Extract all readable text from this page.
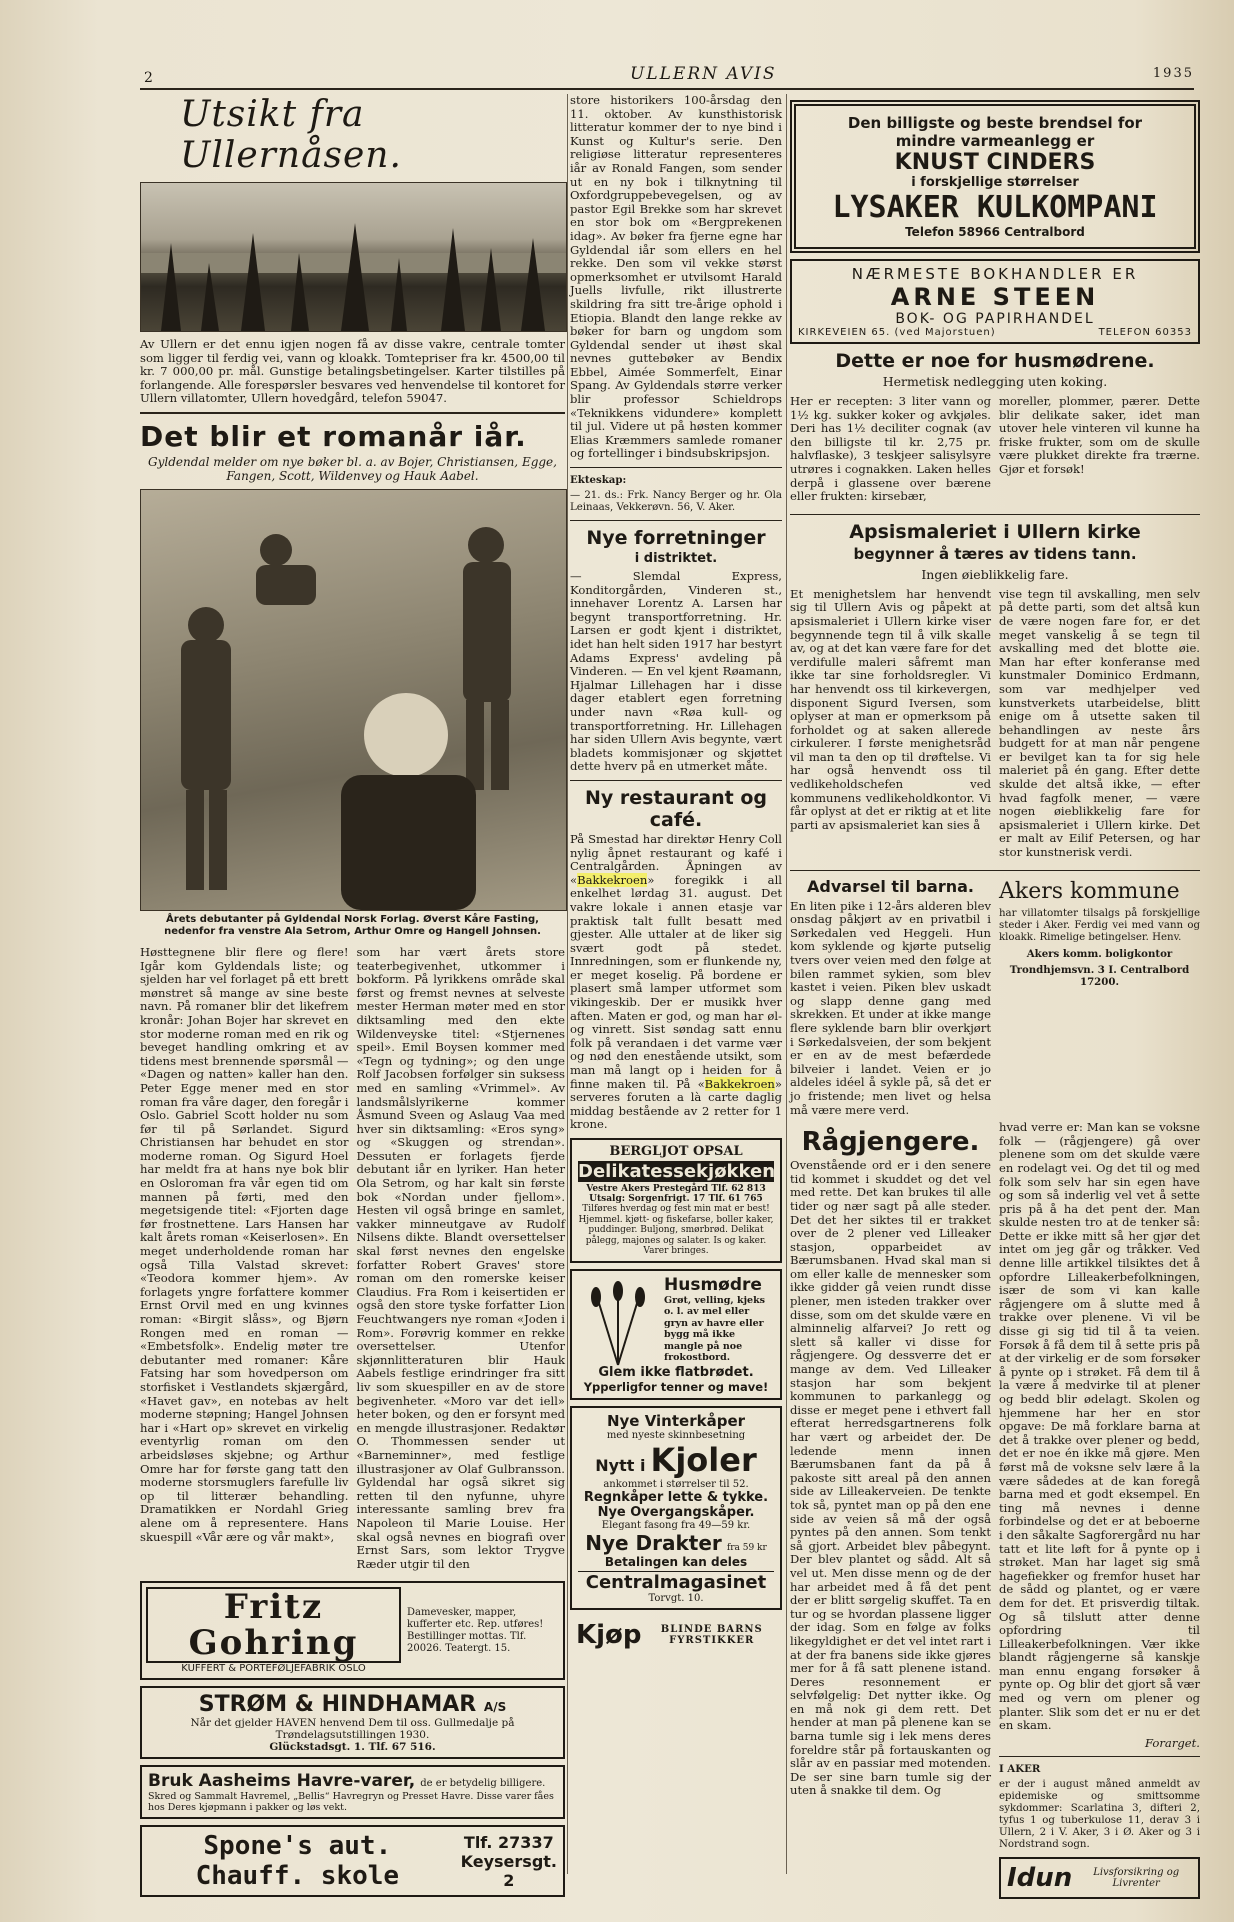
2	ULLERN AVIS	1935
Utsikt fra Ullernåsen.

Av Ullern er det ennu igjen nogen få av disse vakre, centrale tomter som ligger til ferdig vei, vann og kloakk. Tomtepriser fra kr. 4500,00 til kr. 7 000,00 pr. mål. Gunstige betalingsbetingelser. Karter tilstilles på forlangende. Alle forespørsler besvares ved henvendelse til kontoret for Ullern villatomter, Ullern hovedgård, telefon 59047.

Det blir et romanår iår.

Gyldendal melder om nye bøker bl. a. av Bojer, Christiansen, Egge, Fangen, Scott, Wildenvey og Hauk Aabel.

Årets debutanter på Gyldendal Norsk Forlag. Øverst Kåre Fasting, nedenfor fra venstre Ala Setrom, Arthur Omre og Hangell Johnsen.

Høsttegnene blir flere og flere! Igår kom Gyldendals liste; og sjelden har vel forlaget på ett brett mønstret så mange av sine beste navn. På romaner blir det likefrem kronår: Johan Bojer har skrevet en stor moderne roman med en rik og beveget handling omkring et av tidens mest brennende spørsmål — «Dagen og natten» kaller han den. Peter Egge mener med en stor roman fra våre dager, den foregår i Oslo. Gabriel Scott holder nu som før til på Sørlandet. Sigurd Christiansen har behudet en stor moderne roman. Og Sigurd Hoel har meldt fra at hans nye bok blir en Osloroman fra vår egen tid om mannen på førti, med den megetsigende titel: «Fjorten dage før frostnettene. Lars Hansen har kalt årets roman «Keiserlosen». En meget underholdende roman har også Tilla Valstad skrevet: «Teodora kommer hjem». Av forlagets yngre forfattere kommer Ernst Orvil med en ung kvinnes roman: «Birgit slåss», og Bjørn Rongen med en roman — «Embetsfolk». Endelig møter tre debutanter med romaner: Kåre Fatsing har som hovedperson om storfisket i Vestlandets skjærgård, «Havet gav», en notebas av helt moderne støpning; Hangel Johnsen har i «Hart op» skrevet en virkelig eventyrlig roman om den arbeidsløses skjebne; og Arthur Omre har for første gang tatt den moderne storsmuglers farefulle liv op til litterær behandling. Dramatikken er Nordahl Grieg alene om å representere. Hans skuespill «Vår ære og vår makt»,

som har vært årets store teaterbegivenhet, utkommer i bokform. På lyrikkens område skal først og fremst nevnes at selveste mester Herman møter med en stor diktsamling med den ekte Wildenveyske titel: «Stjernenes speil». Emil Boysen kommer med «Tegn og tydning»; og den unge Rolf Jacobsen forfølger sin suksess med en samling «Vrimmel». Av landsmålslyrikerne kommer Åsmund Sveen og Aslaug Vaa med hver sin diktsamling: «Eros syng» og «Skuggen og strendan». Dessuten er forlagets fjerde debutant iår en lyriker. Han heter Ola Setrom, og har kalt sin første bok «Nordan under fjellom». Hesten vil også bringe en samlet, vakker minneutgave av Rudolf Nilsens dikte. Blandt oversettelser skal først nevnes den engelske forfatter Robert Graves' store roman om den romerske keiser Claudius. Fra Rom i keisertiden er også den store tyske forfatter Lion Feuchtwangers nye roman «Joden i Rom». Forøvrig kommer en rekke oversettelser. Utenfor skjønnlitteraturen blir Hauk Aabels festlige erindringer fra sitt liv som skuespiller en av de store begivenheter. «Moro var det iell» heter boken, og den er forsynt med en mengde illustrasjoner. Redaktør O. Thommessen sender ut «Barneminner», med festlige illustrasjoner av Olaf Gulbransson. Gyldendal har også sikret sig retten til den nyfunne, uhyre interessante samling brev fra Napoleon til Marie Louise. Her skal også nevnes en biografi over Ernst Sars, som lektor Trygve Ræder utgir til den

Fritz Gohring
KUFFERT & PORTEFØLJEFABRIK OSLO
Damevesker, mapper, kufferter etc. Rep. utføres! Bestillinger mottas. Tlf. 20026. Teatergt. 15.
STRØM & HINDHAMAR A/S
Når det gjelder HAVEN henvend Dem til oss. Gullmedalje på Trøndelagsutstillingen 1930.
Glückstadsgt. 1. Tlf. 67 516.
Bruk Aasheims Havre-varer, de er betydelig billigere.
Skred og Sammalt Havremel, „Bellis“ Havregryn og Presset Havre. Disse varer fåes hos Deres kjøpmann i pakker og løs vekt.
Spone's aut. Chauff. skole
Tlf. 27337
Keysersgt. 2

store historikers 100-årsdag den 11. oktober. Av kunsthistorisk litteratur kommer der to nye bind i Kunst og Kultur's serie. Den religiøse litteratur representeres iår av Ronald Fangen, som sender ut en ny bok i tilknytning til Oxfordgruppebevegelsen, og av pastor Egil Brekke som har skrevet en stor bok om «Bergprekenen idag». Av bøker fra fjerne egne har Gyldendal iår som ellers en hel rekke. Den som vil vekke størst opmerksomhet er utvilsomt Harald Juells livfulle, rikt illustrerte skildring fra sitt tre-årige ophold i Etiopia. Blandt den lange rekke av bøker for barn og ungdom som Gyldendal sender ut ihøst skal nevnes guttebøker av Bendix Ebbel, Aimée Sommerfelt, Einar Spang. Av Gyldendals større verker blir professor Schieldrops «Teknikkens vidundere» komplett til jul. Videre ut på høsten kommer Elias Kræmmers samlede romaner og fortellinger i bindsubskripsjon.

Ekteskap:

— 21. ds.: Frk. Nancy Berger og hr. Ola Leinaas, Vekkerøvn. 56, V. Aker.

Nye forretninger
i distriktet.

— Slemdal Express, Konditorgården, Vinderen st., innehaver Lorentz A. Larsen har begynt transportforretning. Hr. Larsen er godt kjent i distriktet, idet han helt siden 1917 har bestyrt Adams Express' avdeling på Vinderen. — En vel kjent Røamann, Hjalmar Lillehagen har i disse dager etablert egen forretning under navn «Røa kull- og transportforretning. Hr. Lillehagen har siden Ullern Avis begynte, vært bladets kommisjonær og skjøttet dette hverv på en utmerket måte.

Ny restaurant og café.

På Smestad har direktør Henry Coll nylig åpnet restaurant og kafé i Centralgården. Åpningen av «Bakkekroen» foregikk i all enkelhet lørdag 31. august. Det vakre lokale i annen etasje var praktisk talt fullt besatt med gjester. Alle uttaler at de liker sig svært godt på stedet. Innredningen, som er flunkende ny, er meget koselig. På bordene er plasert små lamper utformet som vikingeskib. Der er musikk hver aften. Maten er god, og man har øl- og vinrett. Sist søndag satt ennu folk på verandaen i det varme vær og nød den enestående utsikt, som man må langt op i heiden for å finne maken til. På «Bakkekroen» serveres foruten a là carte daglig middag bestående av 2 retter for 1 krone.

BERGLJOT OPSAL
Delikatessekjøkken
Vestre Akers Prestegård Tlf. 62 813
Utsalg: Sorgenfrigt. 17 Tlf. 61 765
Tilføres hverdag og fest min mat er best! Hjemmel. kjøtt- og fiskefarse, boller kaker, puddinger. Buljong, smørbrød. Delikat pålegg, majones og salater. Is og kaker. Varer bringes.
Husmødre
Grøt, velling, kjeks o. l. av mel eller gryn av havre eller bygg må ikke mangle på noe frokostbord.
Glem ikke flatbrødet.
Ypperligfor tenner og mave!
Nye Vinterkåper
med nyeste skinnbesetning
Nytt i Kjoler
ankommet i størrelser til 52.
Regnkåper lette & tykke.
Nye Overgangskåper.
Elegant fasong fra 49—59 kr.
Nye Drakter fra 59 kr
Betalingen kan deles
Centralmagasinet
Torvgt. 10.
Kjøp	BLINDE BARNS FYRSTIKKER
Den billigste og beste brendsel for
mindre varmeanlegg er
KNUST CINDERS
i forskjellige størrelser
LYSAKER KULKOMPANI
Telefon 58966 Centralbord
NÆRMESTE BOKHANDLER ER
ARNE STEEN
BOK- OG PAPIRHANDEL
KIRKEVEIEN 65. (ved Majorstuen)	TELEFON 60353
Dette er noe for husmødrene.
Hermetisk nedlegging uten koking.

Her er recepten: 3 liter vann og 1½ kg. sukker koker og avkjøles. Deri has 1½ deciliter cognak (av den billigste til kr. 2,75 pr. halvflaske), 3 teskjeer salisylsyre utrøres i cognakken. Laken helles derpå i glassene over bærene eller frukten: kirsebær,

moreller, plommer, pærer. Dette blir delikate saker, idet man utover hele vinteren vil kunne ha friske frukter, som om de skulle være plukket direkte fra trærne. Gjør et forsøk!

Apsismaleriet i Ullern kirke
begynner å tæres av tidens tann.
Ingen øieblikkelig fare.

Et menighetslem har henvendt sig til Ullern Avis og påpekt at apsismaleriet i Ullern kirke viser begynnende tegn til å vilk skalle av, og at det kan være fare for det verdifulle maleri såfremt man ikke tar sine forholdsregler. Vi har henvendt oss til kirkevergen, disponent Sigurd Iversen, som oplyser at man er opmerksom på forholdet og at saken allerede cirkulerer. I første menighetsråd vil man ta den op til drøftelse. Vi har også henvendt oss til vedlikeholdschefen ved kommunens vedlikeholdkontor. Vi får oplyst at det er riktig at et lite parti av apsismaleriet kan sies å

vise tegn til avskalling, men selv på dette parti, som det altså kun de være nogen fare for, er det meget vanskelig å se tegn til avskalling med det blotte øie. Man har efter konferanse med kunstmaler Dominico Erdmann, som var medhjelper ved kunstverkets utarbeidelse, blitt enige om å utsette saken til behandlingen av neste års budgett for at man når pengene er bevilget kan ta for sig hele maleriet på én gang. Efter dette skulde det altså ikke, — efter hvad fagfolk mener, — være nogen øieblikkelig fare for apsismaleriet i Ullern kirke. Det er malt av Eilif Petersen, og har stor kunstnerisk verdi.

Advarsel til barna.

En liten pike i 12-års alderen blev onsdag påkjørt av en privatbil i Sørkedalen ved Heggeli. Hun kom syklende og kjørte putselig tvers over veien med den følge at bilen rammet sykien, som blev kastet i veien. Piken blev uskadt og slapp denne gang med skrekken. Et under at ikke mange flere syklende barn blir overkjørt i Sørkedalsveien, der som bekjent er en av de mest befærdede bilveier i landet. Veien er jo aldeles idéel å sykle på, så det er jo fristende; men livet og helsa må være mere verd.

Akers kommune

har villatomter tilsalgs på forskjellige steder i Aker. Ferdig vei med vann og kloakk. Rimelige betingelser. Henv.

Akers komm. boligkontor
Trondhjemsvn. 3 I. Centralbord 17200.
Rågjengere.

Ovenstående ord er i den senere tid kommet i skuddet og det vel med rette. Det kan brukes til alle tider og nær sagt på alle steder. Det det her siktes til er trakket over de 2 plener ved Lilleaker stasjon, opparbeidet av Bærumsbanen. Hvad skal man si om eller kalle de mennesker som ikke gidder gå veien rundt disse plener, men isteden trakker over disse, som om det skulde være en alminnelig alfarvei? Jo rett og slett så kaller vi disse for rågjengere. Og dessverre det er mange av dem. Ved Lilleaker stasjon har som bekjent kommunen to parkanlegg og disse er meget pene i ethvert fall efterat herredsgartnerens folk har vært og arbeidet der. De ledende menn innen Bærumsbanen fant da på å pakoste sitt areal på den annen side av Lilleakerveien. De tenkte tok så, pyntet man op på den ene side av veien så må der også pyntes på den annen. Som tenkt så gjort. Arbeidet blev påbegynt. Der blev plantet og sådd. Alt så vel ut. Men disse menn og de der har arbeidet med å få det pent der er blitt sørgelig skuffet. Ta en tur og se hvordan plassene ligger der idag. Som en følge av folks likegyldighet er det vel intet rart i at der fra banens side ikke gjøres mer for å få satt plenene istand. Deres resonnement er selvfølgelig: Det nytter ikke. Og en må nok gi dem rett. Det hender at man på plenene kan se barna tumle sig i lek mens deres foreldre står på fortauskanten og slår av en passiar med motenden. De ser sine barn tumle sig der uten å snakke til dem. Og

hvad verre er: Man kan se voksne folk — (rågjengere) gå over plenene som om det skulde være en rodelagt vei. Og det til og med folk som selv har sin egen have og som så inderlig vel vet å sette pris på å ha det pent der. Man skulde nesten tro at de tenker så: Dette er ikke mitt så her gjør det intet om jeg går og tråkker. Ved denne lille artikkel tilsiktes det å opfordre Lilleakerbefolkningen, især de som vi kan kalle rågjengere om å slutte med å trakke over plenene. Vi vil be disse gi sig tid til å ta veien. Forsøk å få dem til å sette pris på at der virkelig er de som forsøker å pynte op i strøket. Få dem til å la være å medvirke til at plener og bedd blir ødelagt. Skolen og hjemmene har her en stor opgave: De må forklare barna at det å trakke over plener og bedd, det er noe én ikke må gjøre. Men først må de voksne selv lære å la være sådedes at de kan foregå barna med et godt eksempel. En ting må nevnes i denne forbindelse og det er at beboerne i den såkalte Sagforergård nu har tatt et lite løft for å pynte op i strøket. Man har laget sig små hagefiekker og fremfor huset har de sådd og plantet, og er være dem for det. Et prisverdig tiltak. Og så tilslutt atter denne opfordring til Lilleakerbefolkningen. Vær ikke blandt rågjengerne så kanskje man ennu engang forsøker å pynte op. Og blir det gjort så vær med og vern om plener og planter. Slik som det er nu er det en skam.

Forarget.
I AKER

er der i august måned anmeldt av epidemiske og smittsomme sykdommer: Scarlatina 3, difteri 2, tyfus 1 og tuberkulose 11, derav 3 i Ullern, 2 i V. Aker, 3 i Ø. Aker og 3 i Nordstrand sogn.

Idun	Livsforsikring og Livrenter
